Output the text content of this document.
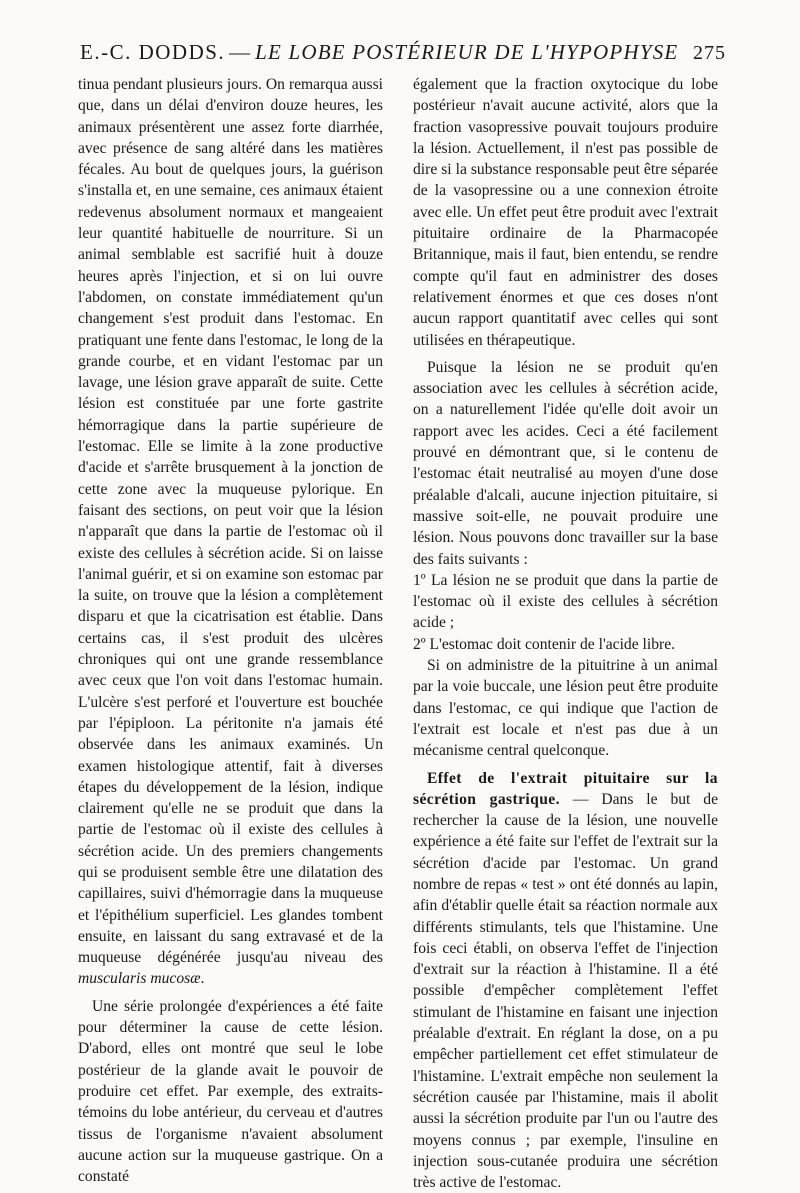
E.-C. DODDS. — LE LOBE POSTÉRIEUR DE L'HYPOPHYSE 275

tinua pendant plusieurs jours. On remarqua aussi que, dans un délai d'environ douze heures, les animaux présentèrent une assez forte diarrhée, avec présence de sang altéré dans les matières fécales. Au bout de quelques jours, la guérison s'installa et, en une semaine, ces animaux étaient redevenus absolument normaux et mangeaient leur quantité habituelle de nourriture. Si un animal semblable est sacrifié huit à douze heures après l'injection, et si on lui ouvre l'abdomen, on constate immédiatement qu'un changement s'est produit dans l'estomac. En pratiquant une fente dans l'estomac, le long de la grande courbe, et en vidant l'estomac par un lavage, une lésion grave apparaît de suite. Cette lésion est constituée par une forte gastrite hémorragique dans la partie supérieure de l'estomac. Elle se limite à la zone productive d'acide et s'arrête brusquement à la jonction de cette zone avec la muqueuse pylorique. En faisant des sections, on peut voir que la lésion n'apparaît que dans la partie de l'estomac où il existe des cellules à sécrétion acide. Si on laisse l'animal guérir, et si on examine son estomac par la suite, on trouve que la lésion a complètement disparu et que la cicatrisation est établie. Dans certains cas, il s'est produit des ulcères chroniques qui ont une grande ressemblance avec ceux que l'on voit dans l'estomac humain. L'ulcère s'est perforé et l'ouverture est bouchée par l'épiploon. La péritonite n'a jamais été observée dans les animaux examinés. Un examen histologique attentif, fait à diverses étapes du développement de la lésion, indique clairement qu'elle ne se produit que dans la partie de l'estomac où il existe des cellules à sécrétion acide. Un des premiers changements qui se produisent semble être une dilatation des capillaires, suivi d'hémorragie dans la muqueuse et l'épithélium superficiel. Les glandes tombent ensuite, en laissant du sang extravasé et de la muqueuse dégénérée jusqu'au niveau des muscularis mucosæ.

Une série prolongée d'expériences a été faite pour déterminer la cause de cette lésion. D'abord, elles ont montré que seul le lobe postérieur de la glande avait le pouvoir de produire cet effet. Par exemple, des extraits-témoins du lobe antérieur, du cerveau et d'autres tissus de l'organisme n'avaient absolument aucune action sur la muqueuse gastrique. On a constaté

également que la fraction oxytocique du lobe postérieur n'avait aucune activité, alors que la fraction vasopressive pouvait toujours produire la lésion. Actuellement, il n'est pas possible de dire si la substance responsable peut être séparée de la vasopressine ou a une connexion étroite avec elle. Un effet peut être produit avec l'extrait pituitaire ordinaire de la Pharmacopée Britannique, mais il faut, bien entendu, se rendre compte qu'il faut en administrer des doses relativement énormes et que ces doses n'ont aucun rapport quantitatif avec celles qui sont utilisées en thérapeutique.

Puisque la lésion ne se produit qu'en association avec les cellules à sécrétion acide, on a naturellement l'idée qu'elle doit avoir un rapport avec les acides. Ceci a été facilement prouvé en démontrant que, si le contenu de l'estomac était neutralisé au moyen d'une dose préalable d'alcali, aucune injection pituitaire, si massive soit-elle, ne pouvait produire une lésion. Nous pouvons donc travailler sur la base des faits suivants :

1º La lésion ne se produit que dans la partie de l'estomac où il existe des cellules à sécrétion acide ;

2º L'estomac doit contenir de l'acide libre.

Si on administre de la pituitrine à un animal par la voie buccale, une lésion peut être produite dans l'estomac, ce qui indique que l'action de l'extrait est locale et n'est pas due à un mécanisme central quelconque.

Effet de l'extrait pituitaire sur la sécrétion gastrique. — Dans le but de rechercher la cause de la lésion, une nouvelle expérience a été faite sur l'effet de l'extrait sur la sécrétion d'acide par l'estomac. Un grand nombre de repas « test » ont été donnés au lapin, afin d'établir quelle était sa réaction normale aux différents stimulants, tels que l'histamine. Une fois ceci établi, on observa l'effet de l'injection d'extrait sur la réaction à l'histamine. Il a été possible d'empêcher complètement l'effet stimulant de l'histamine en faisant une injection préalable d'extrait. En réglant la dose, on a pu empêcher partiellement cet effet stimulateur de l'histamine. L'extrait empêche non seulement la sécrétion causée par l'histamine, mais il abolit aussi la sécrétion produite par l'un ou l'autre des moyens connus ; par exemple, l'insuline en injection sous-cutanée produira une sécrétion très active de l'estomac.
